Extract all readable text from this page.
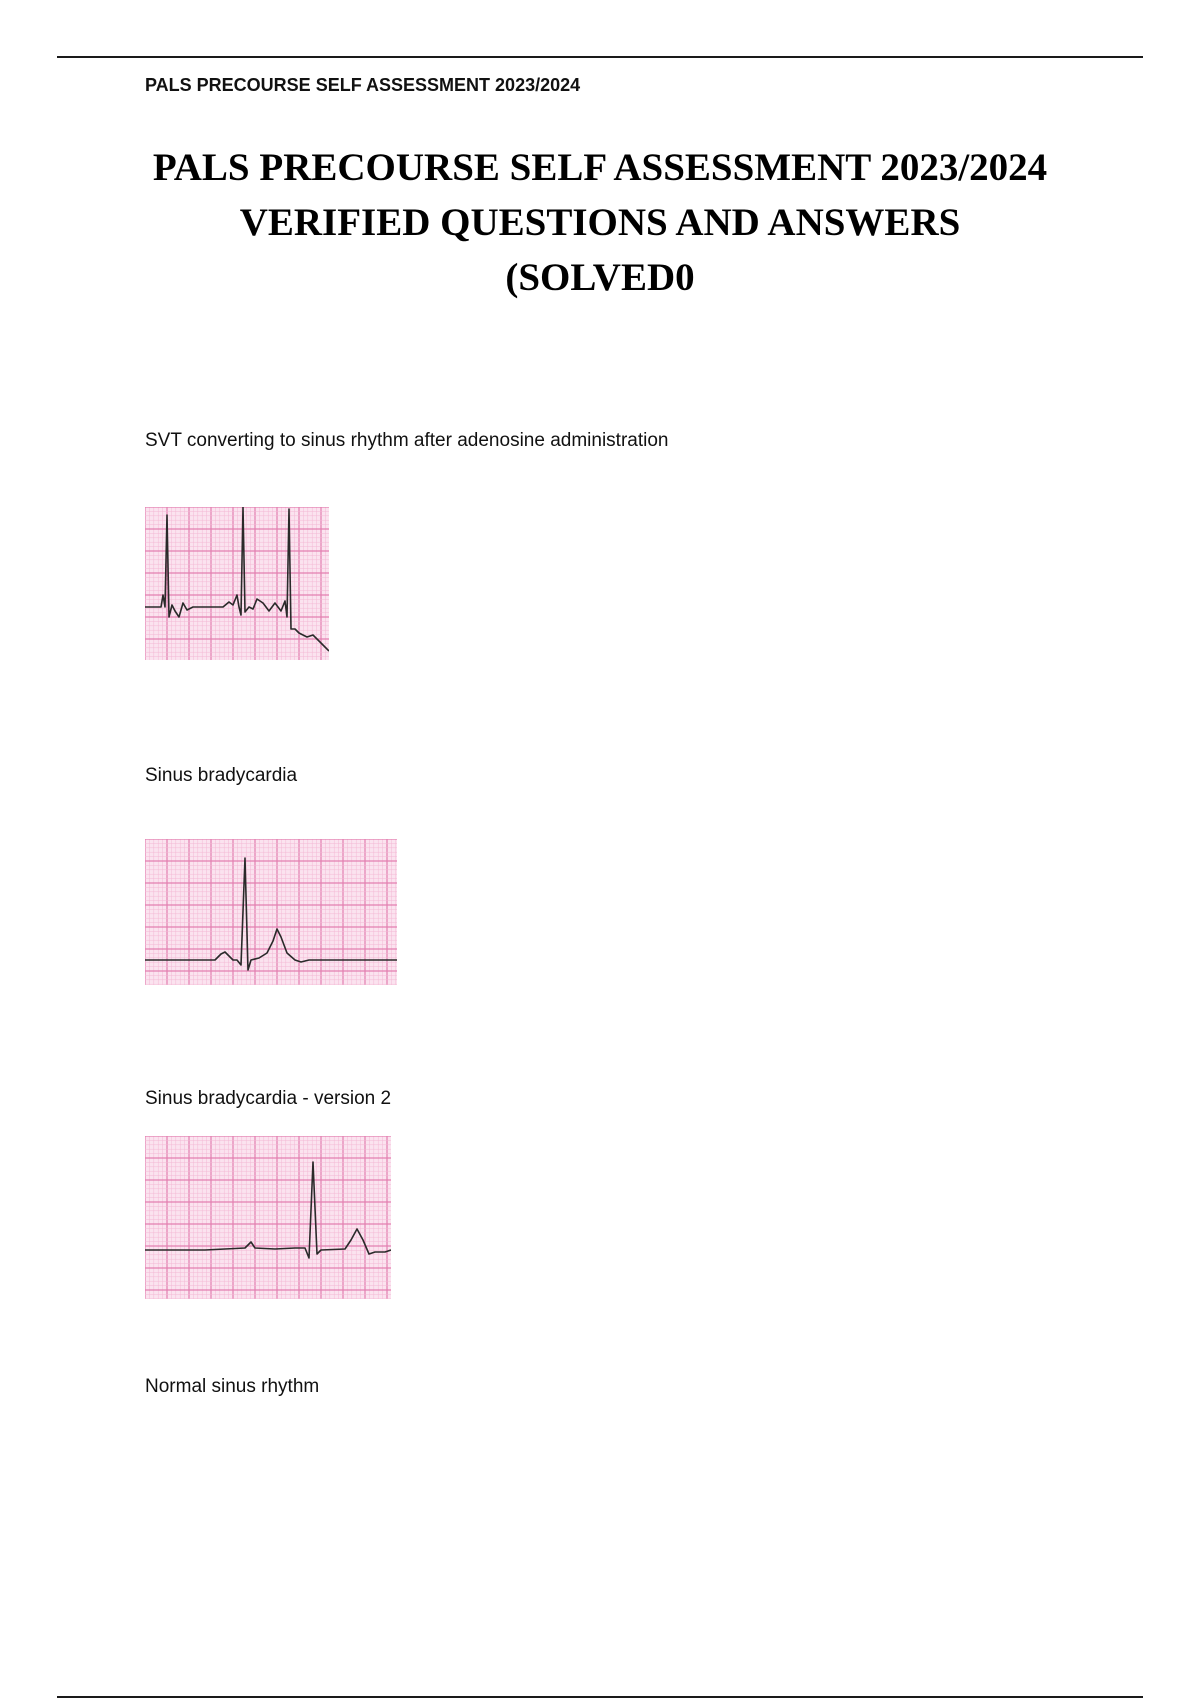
PALS PRECOURSE SELF ASSESSMENT 2023/2024
PALS PRECOURSE SELF ASSESSMENT 2023/2024
VERIFIED QUESTIONS AND ANSWERS
(SOLVED0
SVT converting to sinus rhythm after adenosine administration
Sinus bradycardia
Sinus bradycardia - version 2
Normal sinus rhythm
